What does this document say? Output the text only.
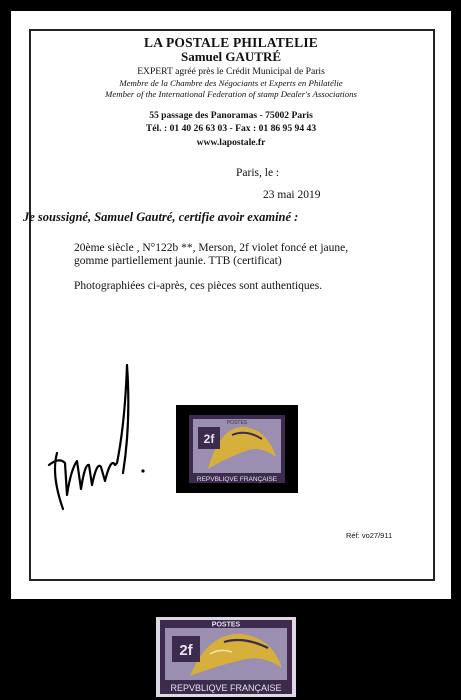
LA POSTALE PHILATELIE
Samuel GAUTRÉ
EXPERT agréé près le Crédit Municipal de Paris
Membre de la Chambre des Négociants et Experts en Philatélie
Member of the International Federation of stamp Dealer's Associations
55 passage des Panoramas - 75002 Paris
Tél. : 01 40 26 63 03 - Fax : 01 86 95 94 43
www.lapostale.fr
Paris, le :
23 mai 2019
Je soussigné, Samuel Gautré, certifie avoir examiné :
20ème siècle , N°122b **, Merson, 2f violet foncé et jaune,
gomme partiellement jaunie. TTB (certificat)
Photographiées ci-après, ces pièces sont authentiques.
2f
REPVBLIQVE FRANÇAISE
POSTES
Réf: vo27/911
2f
POSTES
REPVBLIQVE FRANÇAISE
